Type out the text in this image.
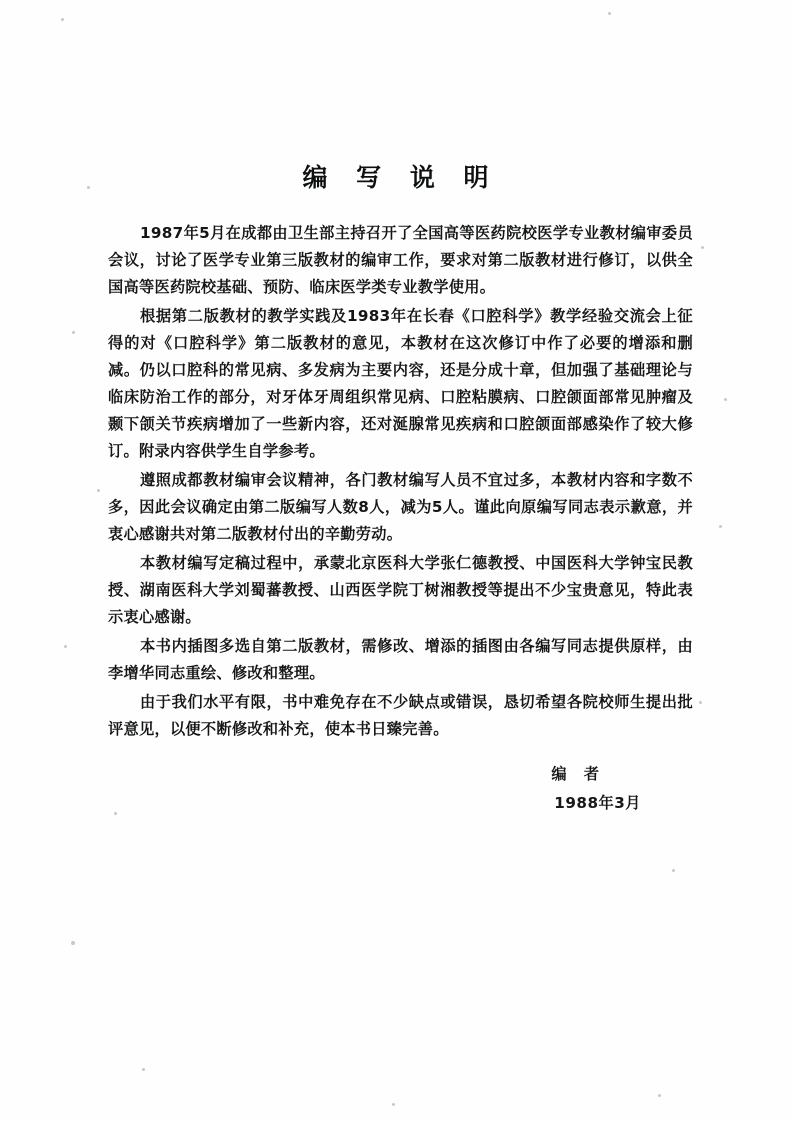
编 写 说 明

1987年5月在成都由卫生部主持召开了全国高等医药院校医学专业教材编审委员会议，讨论了医学专业第三版教材的编审工作，要求对第二版教材进行修订，以供全国高等医药院校基础、预防、临床医学类专业教学使用。

根据第二版教材的教学实践及1983年在长春《口腔科学》教学经验交流会上征得的对《口腔科学》第二版教材的意见，本教材在这次修订中作了必要的增添和删减。仍以口腔科的常见病、多发病为主要内容，还是分成十章，但加强了基础理论与临床防治工作的部分，对牙体牙周组织常见病、口腔粘膜病、口腔颌面部常见肿瘤及颞下颌关节疾病增加了一些新内容，还对涎腺常见疾病和口腔颌面部感染作了较大修订。附录内容供学生自学参考。

遵照成都教材编审会议精神，各门教材编写人员不宜过多，本教材内容和字数不多，因此会议确定由第二版编写人数8人，减为5人。谨此向原编写同志表示歉意，并衷心感谢共对第二版教材付出的辛勤劳动。

本教材编写定稿过程中，承蒙北京医科大学张仁德教授、中国医科大学钟宝民教授、湖南医科大学刘蜀蕃教授、山西医学院丁树湘教授等提出不少宝贵意见，特此表示衷心感谢。

本书内插图多选自第二版教材，需修改、增添的插图由各编写同志提供原样，由李增华同志重绘、修改和整理。

由于我们水平有限，书中难免存在不少缺点或错误，恳切希望各院校师生提出批评意见，以便不断修改和补充，使本书日臻完善。

编 者
1988年3月
